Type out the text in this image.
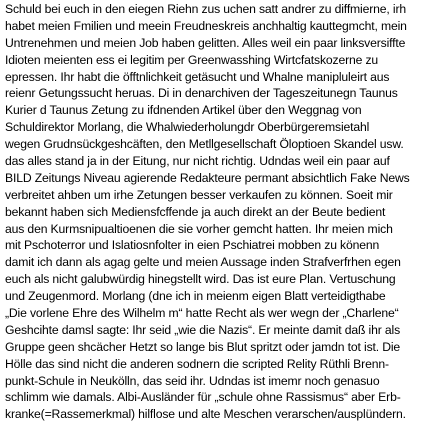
Schuld bei euch in den eiegen Riehn zus uchen satt andrer zu diffmierne, irh
habet meien Fmilien und meein Freudneskreis anchhaltig kauttegmcht, mein
Untrenehmen und meien Job haben gelitten. Alles weil ein paar linksversiffte
Idioten meienten ess ei legitim per Greenwasshing Wirtcfatskozerne zu
epressen. Ihr habt die öfftnlichkeit getäsucht und Whalne manipluleirt aus
reienr Getungssucht heruas. Di in denarchiven der Tageszeitunegn Taunus
Kurier d Taunus Zetung zu ifdnenden Artikel über den Weggnag von
Schuldirektor Morlang, die Whalwiederholungdr Oberbürgeremsietahl
wegen Grudnsückgeshcäften, den Metllgesellschaft Öloptioen Skandel usw.
das alles stand ja in der Eitung, nur nicht richtig. Udndas weil ein paar auf
BILD Zeitungs Niveau agierende Redakteure permant absichtlich Fake News
verbreitet ahben um irhe Zetungen besser verkaufen zu können. Soeit mir
bekannt haben sich Mediensfcffende ja auch direkt an der Beute bedient
aus den Kurmsnipualtioenen die sie vorher gemcht hatten. Ihr meien mich
mit Pschoterror und Islatiosnfolter in eien Pschiatrei mobben zu könenn
damit ich dann als agag gelte und meien Aussage inden Strafverfrhen egen
euch als nicht galubwürdig hinegstellt wird. Das ist eure Plan. Vertuschung
und Zeugenmord. Morlang (dne ich in meienm eigen Blatt verteidigthabe
„Die vorlene Ehre des Wilhelm m“ hatte Recht als wer wegn der „Charlene“
Geshcihte damsl sagte: Ihr seid „wie die Nazis“. Er meinte damit daß ihr als
Gruppe geen shcächer Hetzt so lange bis Blut spritzt oder jamdn tot ist. Die
Hölle das sind nicht die anderen sodnern die scripted Relity Rüthli Brenn-
punkt-Schule in Neukölln, das seid ihr. Udndas ist imemr noch genasuo
schlimm wie damals. Albi-Ausländer für „schule ohne Rassismus“ aber Erb-
kranke(=Rassemerkmal) hilflose und alte Meschen verarschen/ausplündern.
